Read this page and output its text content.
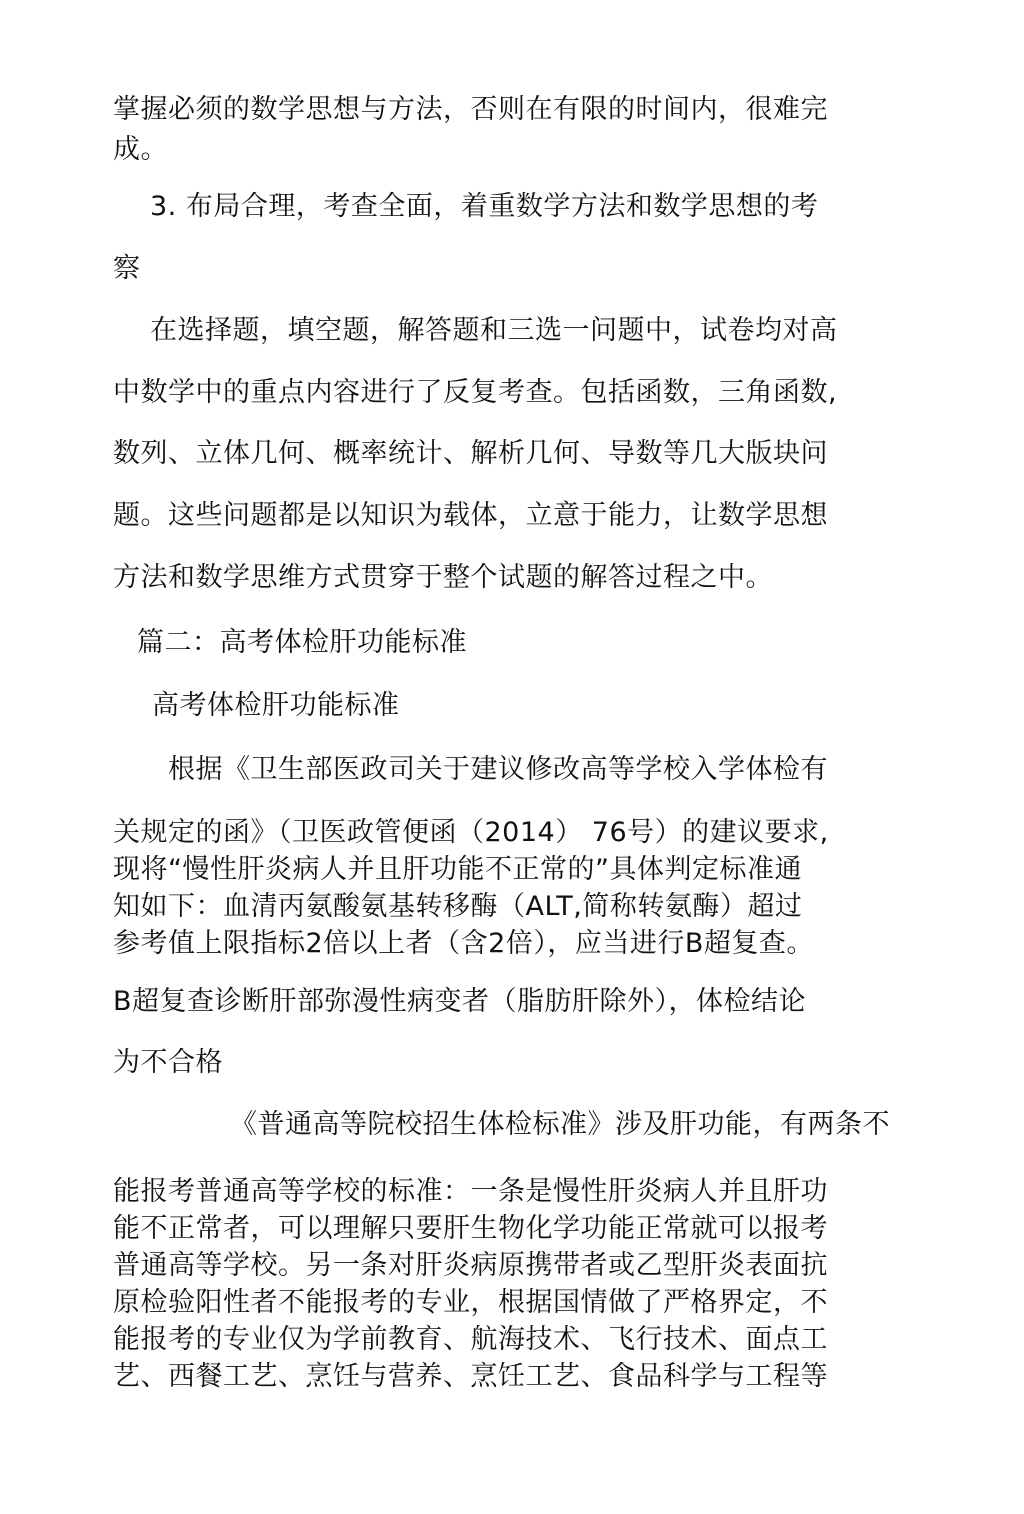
掌握必须的数学思想与方法，否则在有限的时间内，很难完
成。
3. 布局合理，考查全面，着重数学方法和数学思想的考
察
在选择题，填空题，解答题和三选一问题中，试卷均对高
中数学中的重点内容进行了反复考查。包括函数，三角函数,
数列、立体几何、概率统计、解析几何、导数等几大版块问
题。这些问题都是以知识为载体，立意于能力，让数学思想
方法和数学思维方式贯穿于整个试题的解答过程之中。
篇二：高考体检肝功能标准
高考体检肝功能标准
根据《卫生部医政司关于建议修改高等学校入学体检有
关规定的函》（卫医政管便函（2014） 76号）的建议要求,
现将“慢性肝炎病人并且肝功能不正常的”具体判定标准通
知如下：血清丙氨酸氨基转移酶（ALT,简称转氨酶）超过
参考值上限指标2倍以上者（含2倍），应当进行B超复查。
B超复查诊断肝部弥漫性病变者（脂肪肝除外），体检结论
为不合格
《普通高等院校招生体检标准》涉及肝功能，有两条不
能报考普通高等学校的标准：一条是慢性肝炎病人并且肝功
能不正常者，可以理解只要肝生物化学功能正常就可以报考
普通高等学校。另一条对肝炎病原携带者或乙型肝炎表面抗
原检验阳性者不能报考的专业，根据国情做了严格界定，不
能报考的专业仅为学前教育、航海技术、飞行技术、面点工
艺、西餐工艺、烹饪与营养、烹饪工艺、食品科学与工程等
